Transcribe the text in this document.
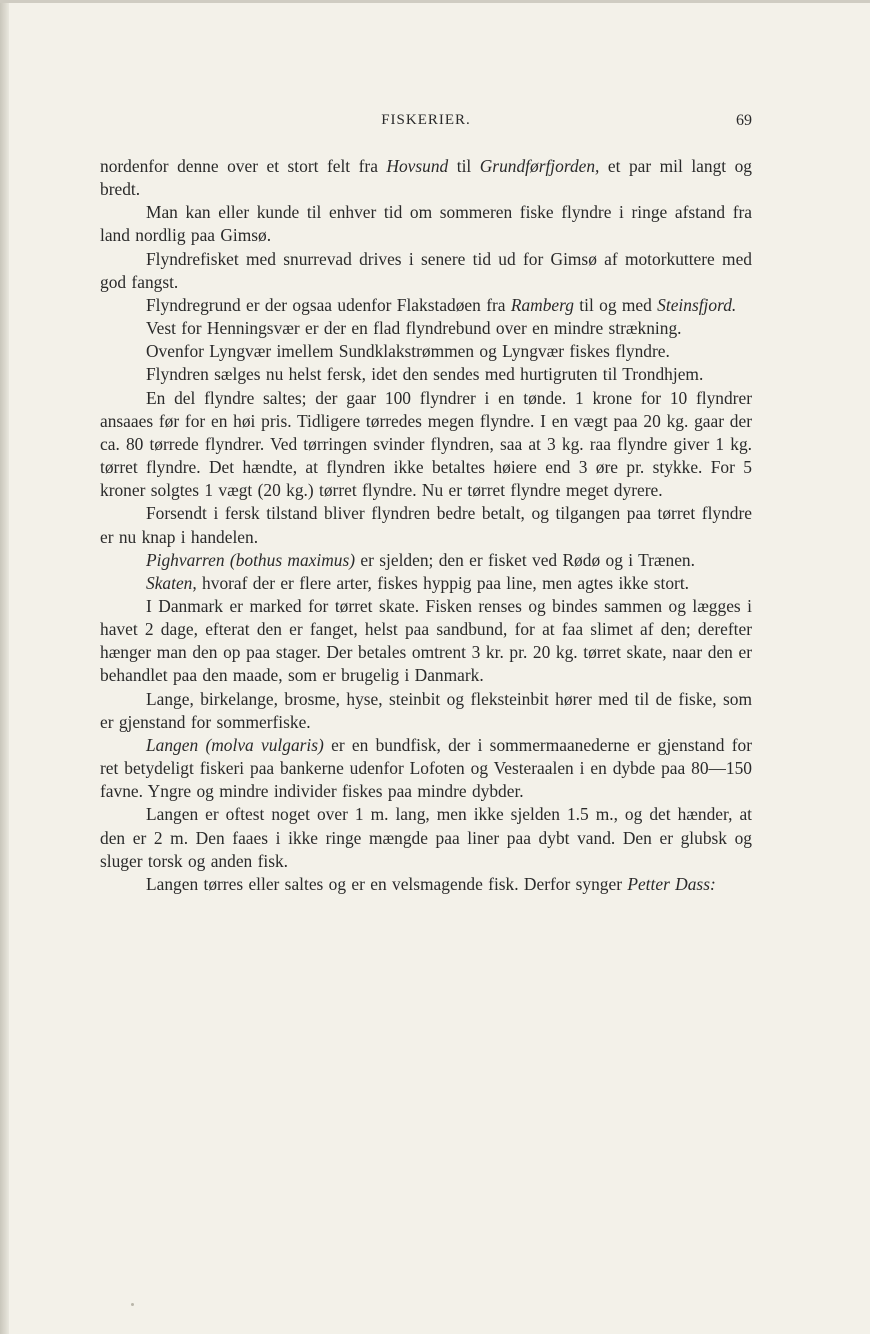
FISKERIER.	69

nordenfor denne over et stort felt fra Hovsund til Grundførfjorden, et par mil langt og bredt.

Man kan eller kunde til enhver tid om sommeren fiske flyndre i ringe afstand fra land nordlig paa Gimsø.

Flyndrefisket med snurrevad drives i senere tid ud for Gimsø af motorkuttere med god fangst.

Flyndregrund er der ogsaa udenfor Flakstadøen fra Ramberg til og med Steinsfjord.

Vest for Henningsvær er der en flad flyndrebund over en mindre strækning.

Ovenfor Lyngvær imellem Sundklakstrømmen og Lyngvær fiskes flyndre.

Flyndren sælges nu helst fersk, idet den sendes med hurtigruten til Trondhjem.

En del flyndre saltes; der gaar 100 flyndrer i en tønde. 1 krone for 10 flyndrer ansaaes før for en høi pris. Tidligere tørredes megen flyndre. I en vægt paa 20 kg. gaar der ca. 80 tørrede flyndrer. Ved tørringen svinder flyndren, saa at 3 kg. raa flyndre giver 1 kg. tørret flyndre. Det hændte, at flyndren ikke betaltes høiere end 3 øre pr. stykke. For 5 kroner solgtes 1 vægt (20 kg.) tørret flyndre. Nu er tørret flyndre meget dyrere.

Forsendt i fersk tilstand bliver flyndren bedre betalt, og tilgangen paa tørret flyndre er nu knap i handelen.

Pighvarren (bothus maximus) er sjelden; den er fisket ved Rødø og i Trænen.

Skaten, hvoraf der er flere arter, fiskes hyppig paa line, men agtes ikke stort.

I Danmark er marked for tørret skate. Fisken renses og bindes sammen og lægges i havet 2 dage, efterat den er fanget, helst paa sandbund, for at faa slimet af den; derefter hænger man den op paa stager. Der betales omtrent 3 kr. pr. 20 kg. tørret skate, naar den er behandlet paa den maade, som er brugelig i Danmark.

Lange, birkelange, brosme, hyse, steinbit og fleksteinbit hører med til de fiske, som er gjenstand for sommerfiske.

Langen (molva vulgaris) er en bundfisk, der i sommermaanederne er gjenstand for ret betydeligt fiskeri paa bankerne udenfor Lofoten og Vesteraalen i en dybde paa 80—150 favne. Yngre og mindre individer fiskes paa mindre dybder.

Langen er oftest noget over 1 m. lang, men ikke sjelden 1.5 m., og det hænder, at den er 2 m. Den faaes i ikke ringe mængde paa liner paa dybt vand. Den er glubsk og sluger torsk og anden fisk.

Langen tørres eller saltes og er en velsmagende fisk. Derfor synger Petter Dass:
